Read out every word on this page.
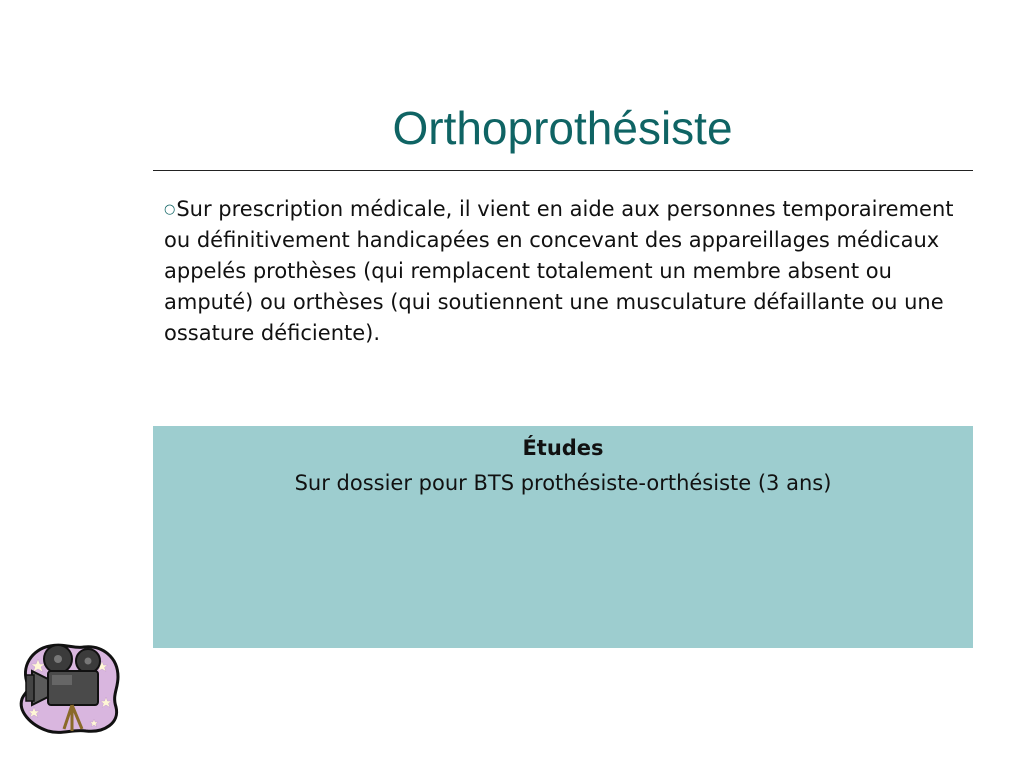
Orthoprothésiste

○Sur prescription médicale, il vient en aide aux personnes temporairement ou définitivement handicapées en concevant des appareillages médicaux appelés prothèses (qui remplacent totalement un membre absent ou amputé) ou orthèses (qui soutiennent une musculature défaillante ou une ossature déficiente).

Études

Sur dossier pour BTS prothésiste-orthésiste (3 ans)
